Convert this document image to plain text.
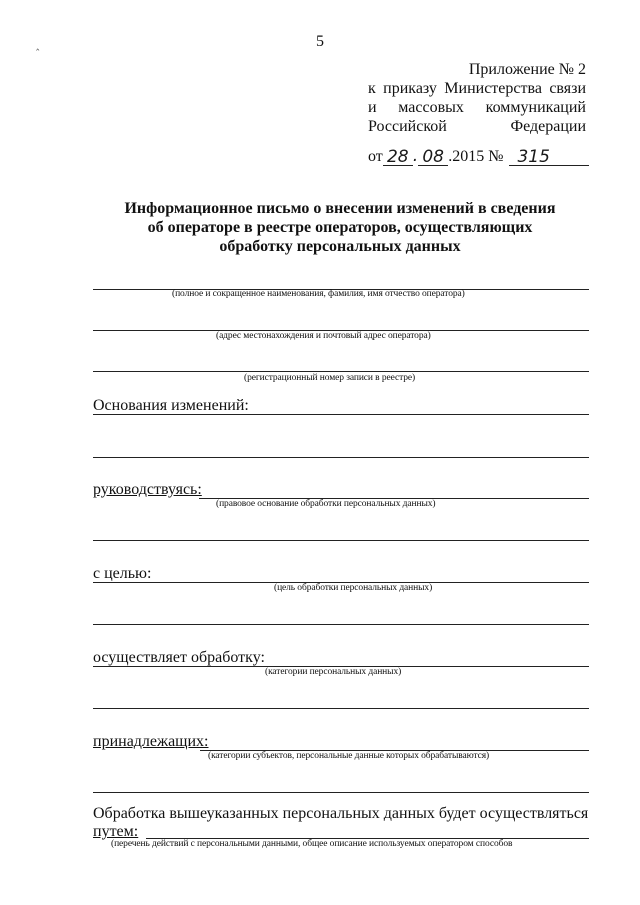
‸	5
Приложение № 2
к приказу Министерства связи
и массовых коммуникаций
Российской	Федерации
от 28 . 08 .2015 № 315
Информационное письмо о внесении изменений в сведения об операторе в реестре операторов, осуществляющих обработку персональных данных
(полное и сокращенное наименования, фамилия, имя отчество оператора)
(адрес местонахождения и почтовый адрес оператора)
(регистрационный номер записи в реестре)
Основания изменений:
руководствуясь:
(правовое основание обработки персональных данных)
с целью:
(цель обработки персональных данных)
осуществляет обработку:
(категории персональных данных)
принадлежащих:
(категории субъектов, персональные данные которых обрабатываются)
Обработка вышеуказанных персональных данных будет осуществляться
путем:
(перечень действий с персональными данными, общее описание используемых оператором способов
